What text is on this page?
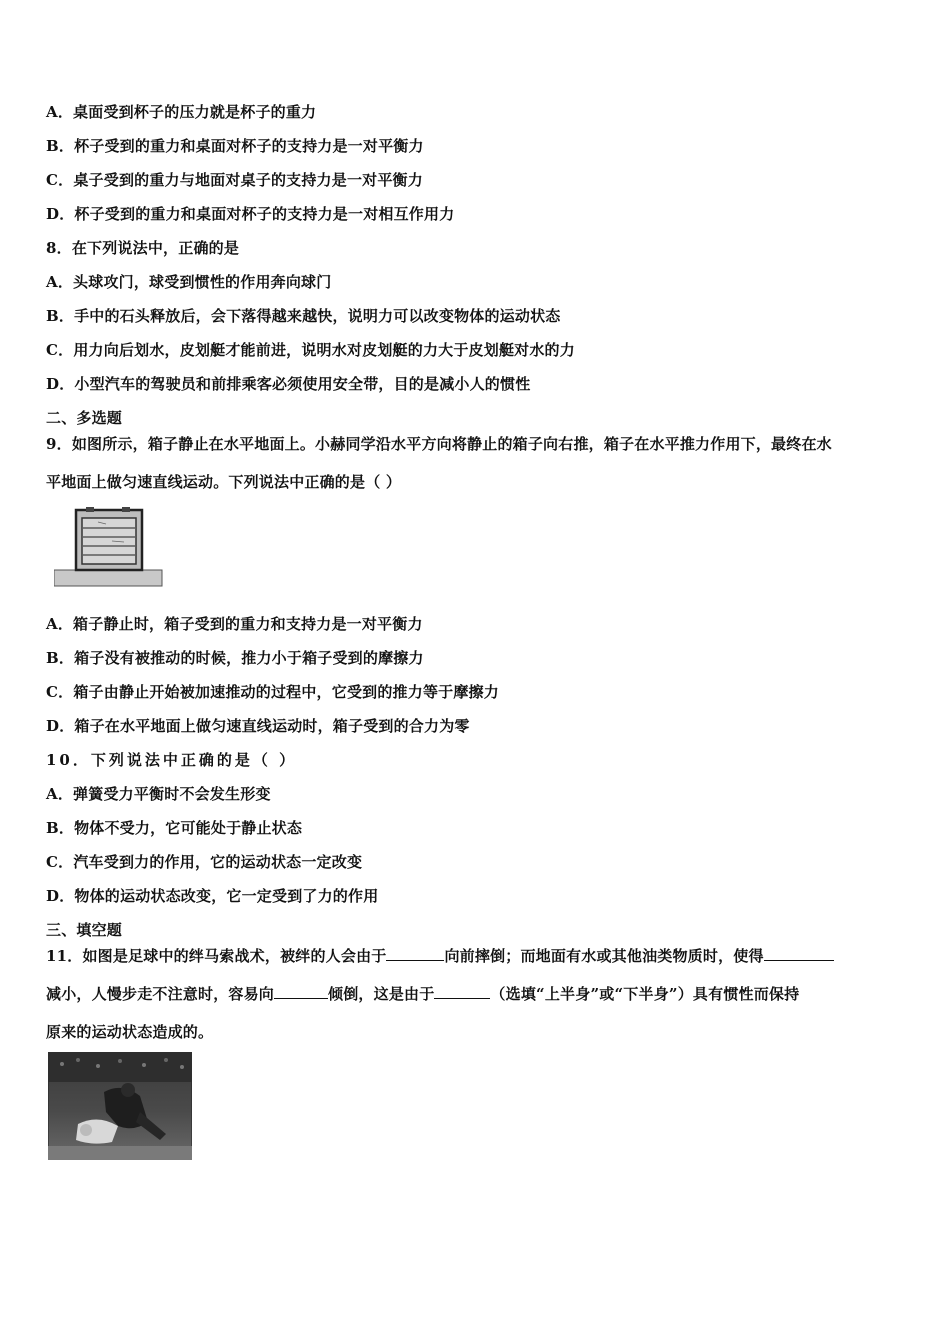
A．桌面受到杯子的压力就是杯子的重力
B．杯子受到的重力和桌面对杯子的支持力是一对平衡力
C．桌子受到的重力与地面对桌子的支持力是一对平衡力
D．杯子受到的重力和桌面对杯子的支持力是一对相互作用力
8．在下列说法中，正确的是
A．头球攻门，球受到惯性的作用奔向球门
B．手中的石头释放后，会下落得越来越快，说明力可以改变物体的运动状态
C．用力向后划水，皮划艇才能前进，说明水对皮划艇的力大于皮划艇对水的力
D．小型汽车的驾驶员和前排乘客必须使用安全带，目的是减小人的惯性
二、多选题
9．如图所示，箱子静止在水平地面上。小赫同学沿水平方向将静止的箱子向右推，箱子在水平推力作用下，最终在水
平地面上做匀速直线运动。下列说法中正确的是（ ）
A．箱子静止时，箱子受到的重力和支持力是一对平衡力
B．箱子没有被推动的时候，推力小于箱子受到的摩擦力
C．箱子由静止开始被加速推动的过程中，它受到的推力等于摩擦力
D．箱子在水平地面上做匀速直线运动时，箱子受到的合力为零
10．下列说法中正确的是（ ）
A．弹簧受力平衡时不会发生形变
B．物体不受力，它可能处于静止状态
C．汽车受到力的作用，它的运动状态一定改变
D．物体的运动状态改变，它一定受到了力的作用
三、填空题
11．如图是足球中的绊马索战术，被绊的人会由于	向前摔倒；而地面有水或其他油类物质时，使得
减小，人慢步走不注意时，容易向	倾倒，这是由于	（选填“上半身”或“下半身”）具有惯性而保持
原来的运动状态造成的。
